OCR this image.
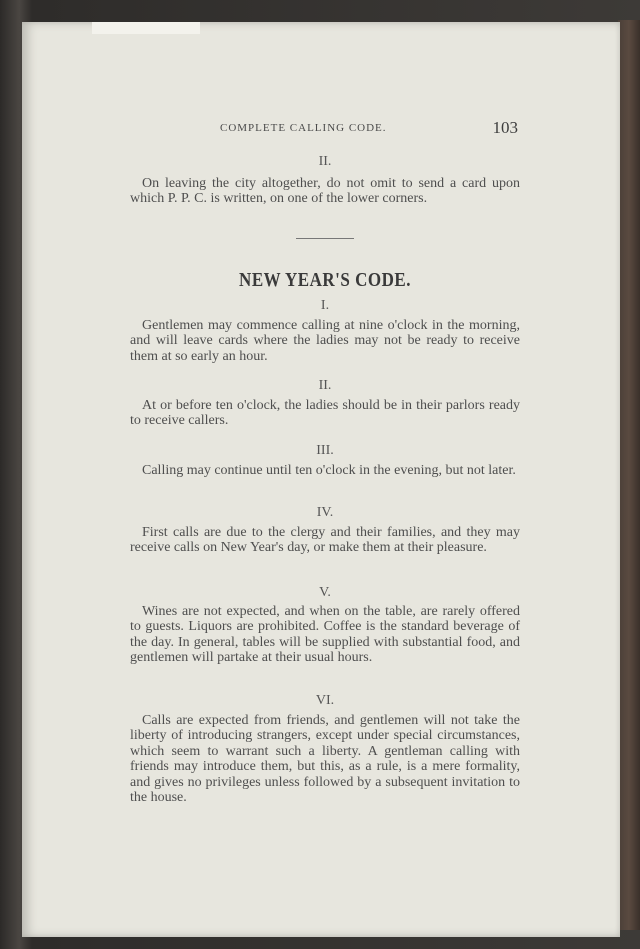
COMPLETE CALLING CODE.	103
II.

On leaving the city altogether, do not omit to send a card upon which P. P. C. is written, on one of the lower corners.

NEW YEAR'S CODE.
I.

Gentlemen may commence calling at nine o'clock in the morning, and will leave cards where the ladies may not be ready to receive them at so early an hour.

II.

At or before ten o'clock, the ladies should be in their parlors ready to receive callers.

III.

Calling may continue until ten o'clock in the evening, but not later.

IV.

First calls are due to the clergy and their families, and they may receive calls on New Year's day, or make them at their pleasure.

V.

Wines are not expected, and when on the table, are rarely offered to guests. Liquors are prohibited. Coffee is the standard beverage of the day. In general, tables will be supplied with substantial food, and gentlemen will partake at their usual hours.

VI.

Calls are expected from friends, and gentlemen will not take the liberty of introducing strangers, except under special circumstances, which seem to warrant such a liberty. A gentleman calling with friends may introduce them, but this, as a rule, is a mere formality, and gives no privileges unless followed by a subsequent invitation to the house.
